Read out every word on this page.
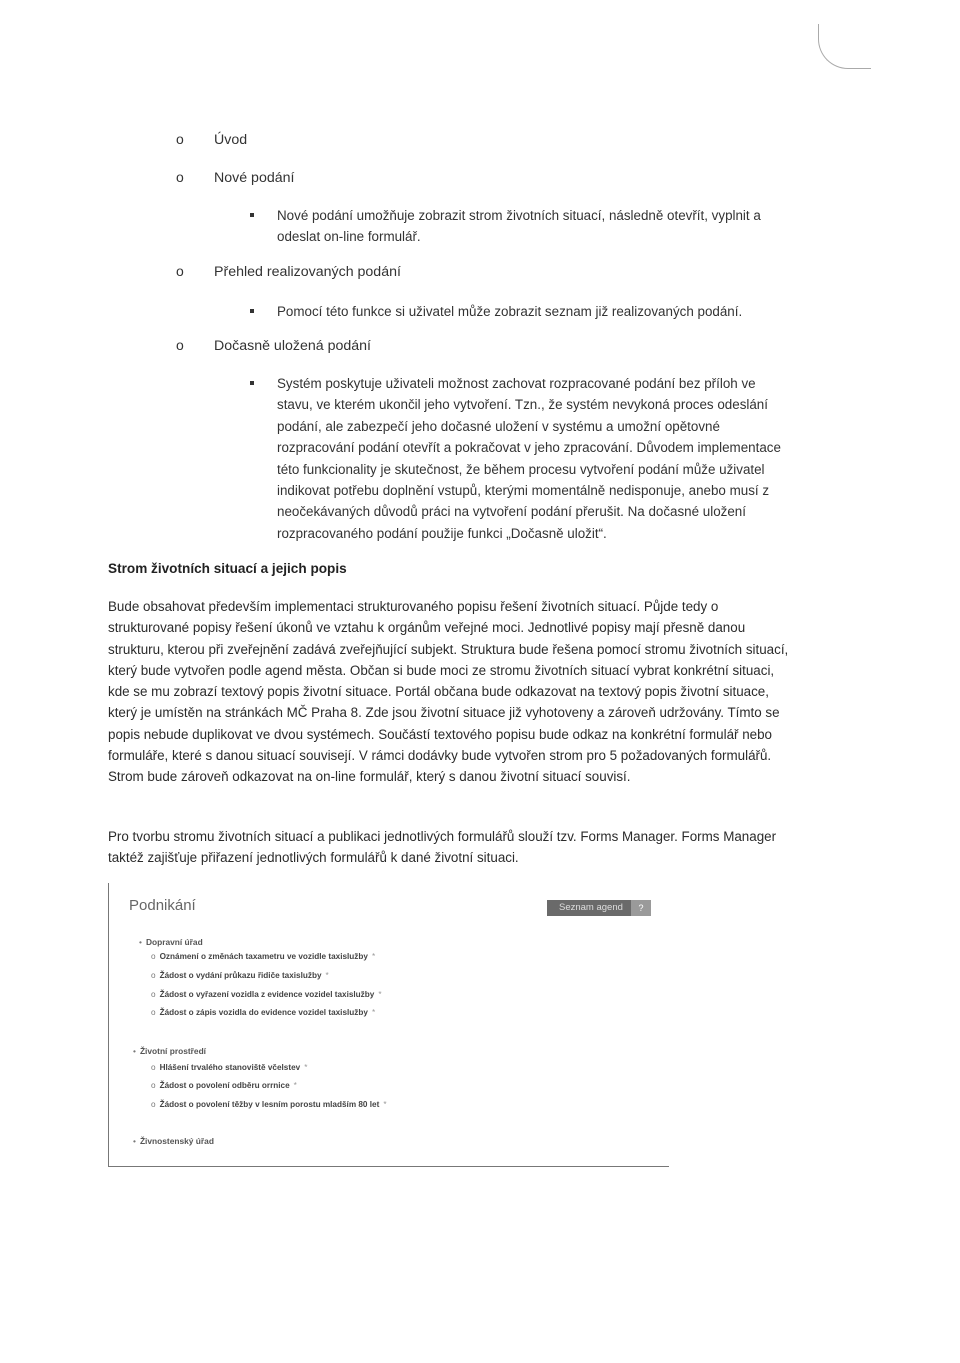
o Úvod
o Nové podání
Nové podání umožňuje zobrazit strom životních situací, následně otevřít, vyplnit a odeslat on-line formulář.
o Přehled realizovaných podání
Pomocí této funkce si uživatel může zobrazit seznam již realizovaných podání.
o Dočasně uložená podání
Systém poskytuje uživateli možnost zachovat rozpracované podání bez příloh ve stavu, ve kterém ukončil jeho vytvoření. Tzn., že systém nevykoná proces odeslání podání, ale zabezpečí jeho dočasné uložení v systému a umožní opětovné rozpracování podání otevřít a pokračovat v jeho zpracování. Důvodem implementace této funkcionality je skutečnost, že během procesu vytvoření podání může uživatel indikovat potřebu doplnění vstupů, kterými momentálně nedisponuje, anebo musí z neočekávaných důvodů práci na vytvoření podání přerušit. Na dočasné uložení rozpracovaného podání použije funkci „Dočasně uložit“.
Strom životních situací a jejich popis
Bude obsahovat především implementaci strukturovaného popisu řešení životních situací. Půjde tedy o strukturované popisy řešení úkonů ve vztahu k orgánům veřejné moci. Jednotlivé popisy mají přesně danou strukturu, kterou při zveřejnění zadává zveřejňující subjekt. Struktura bude řešena pomocí stromu životních situací, který bude vytvořen podle agend města. Občan si bude moci ze stromu životních situací vybrat konkrétní situaci, kde se mu zobrazí textový popis životní situace. Portál občana bude odkazovat na textový popis životní situace, který je umístěn na stránkách MČ Praha 8. Zde jsou životní situace již vyhotoveny a zároveň udržovány. Tímto se popis nebude duplikovat ve dvou systémech. Součástí textového popisu bude odkaz na konkrétní formulář nebo formuláře, které s danou situací souvisejí. V rámci dodávky bude vytvořen strom pro 5 požadovaných formulářů. Strom bude zároveň odkazovat na on-line formulář, který s danou životní situací souvisí.
Pro tvorbu stromu životních situací a publikaci jednotlivých formulářů slouží tzv. Forms Manager. Forms Manager taktéž zajišťuje přiřazení jednotlivých formulářů k dané životní situaci.
Podnikání	Seznam agend	?
• Dopravní úřad
o Oznámení o změnách taxametru ve vozidle taxislužby *
o Žádost o vydání průkazu řidiče taxislužby *
o Žádost o vyřazení vozidla z evidence vozidel taxislužby *
o Žádost o zápis vozidla do evidence vozidel taxislužby *
• Životní prostředí
o Hlášení trvalého stanoviště včelstev *
o Žádost o povolení odběru orrnice *
o Žádost o povolení těžby v lesním porostu mladším 80 let *
• Živnostenský úřad
